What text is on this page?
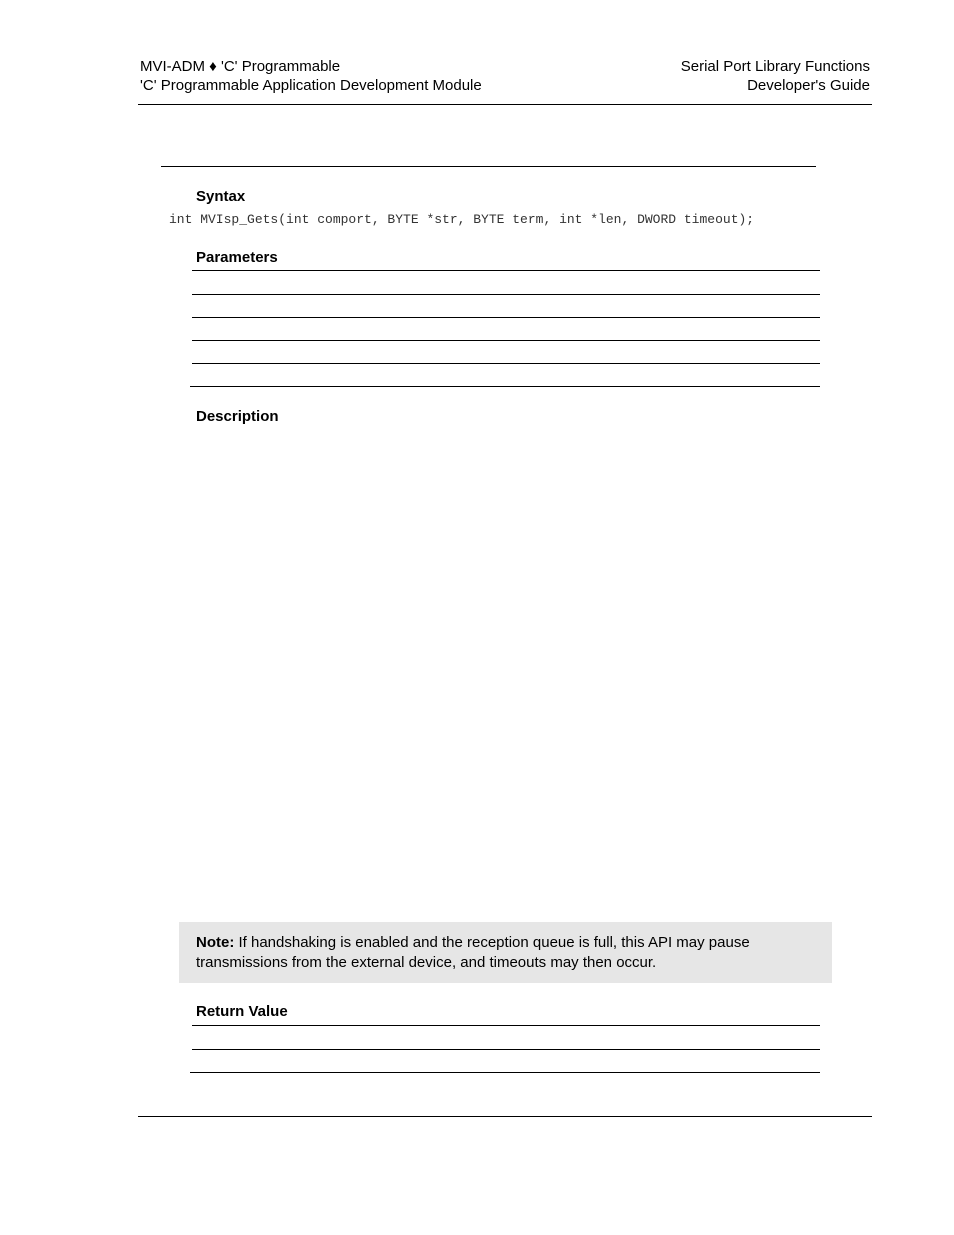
MVI-ADM ♦ 'C' Programmable
'C' Programmable Application Development Module
Serial Port Library Functions
Developer's Guide
Syntax
int MVIsp_Gets(int comport, BYTE *str, BYTE term, int *len, DWORD timeout);
Parameters
Description
Note: If handshaking is enabled and the reception queue is full, this API may pause transmissions from the external device, and timeouts may then occur.
Return Value
